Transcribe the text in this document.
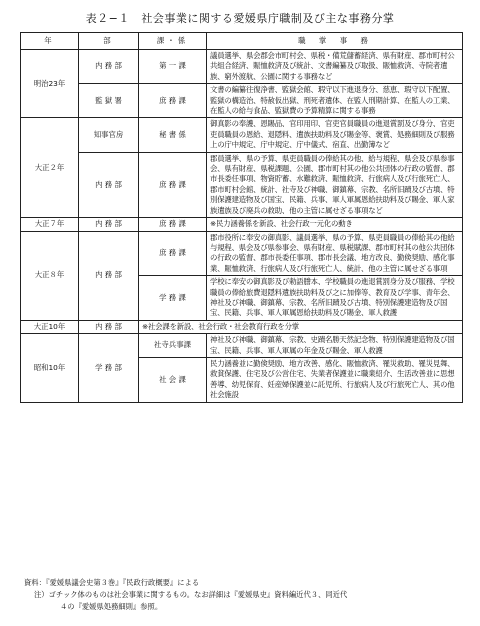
表２−１　社会事業に関する愛媛県庁職制及び主な事務分掌
年	部	課・係	職　掌　事　務
明治23年	内 務 部	第 一 課	議員選挙、県会郡会市町村会、県税・備荒儲蓄経済、県有財産、郡市町村公共組合経済、賑恤救済及び統計、文書編纂及び取扱、賑恤救済、寺院者遺族、窮外渡航、公園に関する事務など
	監 獄 署	庶 務 課	文書の編纂往復浄書、監獄会館、瑕守以下進退身分、慈恵、瑕守以下配置、監獄の構造治、特赦仮出獄、刑死者遺体、在監人刑期計算、在監人の工業、在監人の給与食品、監獄費の予算精算に関する事務
大正２年	知事官房	秘 書 係	御真影の奉護、恩賜品、官印用印、官吏官員職員の進退賞罰及び身分、官吏吏員職員の恩給、退隠料、遺族扶助料及び賜金等、褒賞、処務細則及び服務上の庁中規定、庁中規定、庁中儀式、宿直、出勤簿など
	内 務 部	庶 務 課	郡員選挙、県の予算、県吏員職員の俸給其の他、給与規程、県会及び県参事会、県有財産、県税課題、公園、郡市町村其の他公共団体の行政の監督、郡市長委任事項、物資貯蓄、水難救済、賑恤救済、行旅病人及び行旅死亡人、郡市町村会館、統計、社寺及び神職、御鎮幕、宗教、名所旧蹟及び古墳、特別保護建造物及び国宝、民籍、兵事、軍人軍属恩給扶助料及び賜金、軍人家族遺族及び廃兵の救助、他の主管に属せざる事項など
大正７年	内 務 部	庶 務 課	※民力涵養係を新設、社会行政一元化の動き
大正８年	内 務 部	庶 務 課	郡市役所に奉安の御真影、議員選挙、県の予算、県吏員職員の俸給其の他給与規程、県会及び県参事会、県有財産、県税賦課、郡市町村其の他公共団体の行政の監督、郡市長委任事項、郡市長会議、地方改良、勤倹奨励、感化事業、賑恤救済、行旅病人及び行旅死亡人、統計、他の主管に属せざる事項
		学 務 課	学校に奉安の御真影及び勅語謄本、学校職員の進退賞罰身分及び服務、学校職員の俸給旅費退隠料遺族扶助料及び之に加俸等、教育及び学事、青年会、神社及び神職、御鎮幕、宗教、名所旧蹟及び古墳、特別保護建造物及び国宝、民籍、兵事、軍人軍属恩給扶助料及び賜金、軍人救護
大正10年	内 務 部	※社会課を新設、社会行政・社会教育行政を分掌	
昭和10年	学 務 部	社寺兵事課	神社及び神職、御鎮幕、宗教、史蹟名勝天然記念物、特別保護建造物及び国宝、民籍、兵事、軍人軍属の年金及び賜金、軍人救護
		社 会 課	民力涵養並に勤倹奨励、地方改善、感化、賑恤救済、罹災救助、罹災見舞、救貧保護、住宅及び公営住宅、失業者保護並に職業紹介、生活改善並に思想善導、幼児保育、妊産婦保護並に託児所、行旅病人及び行旅死亡人、其の他社会施設
資料：『愛媛県議会史第３巻』『民政行政概要』による
注）ゴチック体のものは社会事業に関するもの。なお詳細は『愛媛県史』資料編近代３、同近代
４の『愛媛県処務細則』参照。
